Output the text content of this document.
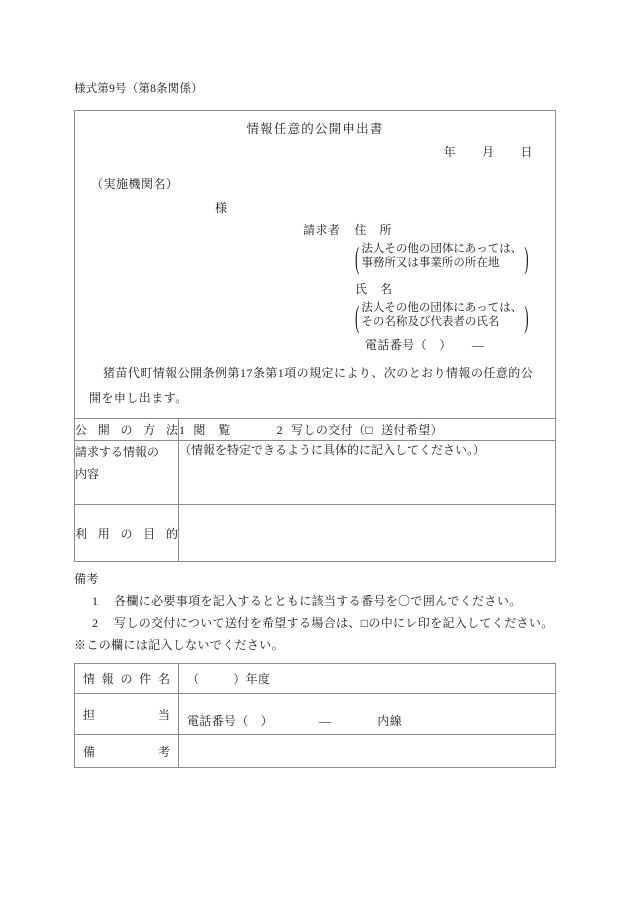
様式第9号（第8条関係）
情報任意的公開申出書
年 月 日
（実施機関名）
様
請求者 住　所
( 法人その他の団体にあっては、
事務所又は事業所の所在地	)
氏　名
( 法人その他の団体にあっては、
その名称及び代表者の氏名	)
電話番号（　） ―
猪苗代町情報公開条例第17条第1項の規定により、次のとおり情報の任意的公開を申し出ます。

公 開 の 方 法	1 閲　覧 2 写しの交付（□ 送付希望）

請求する情報の
内容	（情報を特定できるように具体的に記入してください。）

利 用 の 目 的	

備考
1 各欄に必要事項を記入するとともに該当する番号を〇で囲んでください。
2 写しの交付について送付を希望する場合は、□の中にレ印を記入してください。
※この欄には記入しないでください。
情 報 の 件 名	（ ）年度

担 当	電話番号（　） ― 内線

備 考	
